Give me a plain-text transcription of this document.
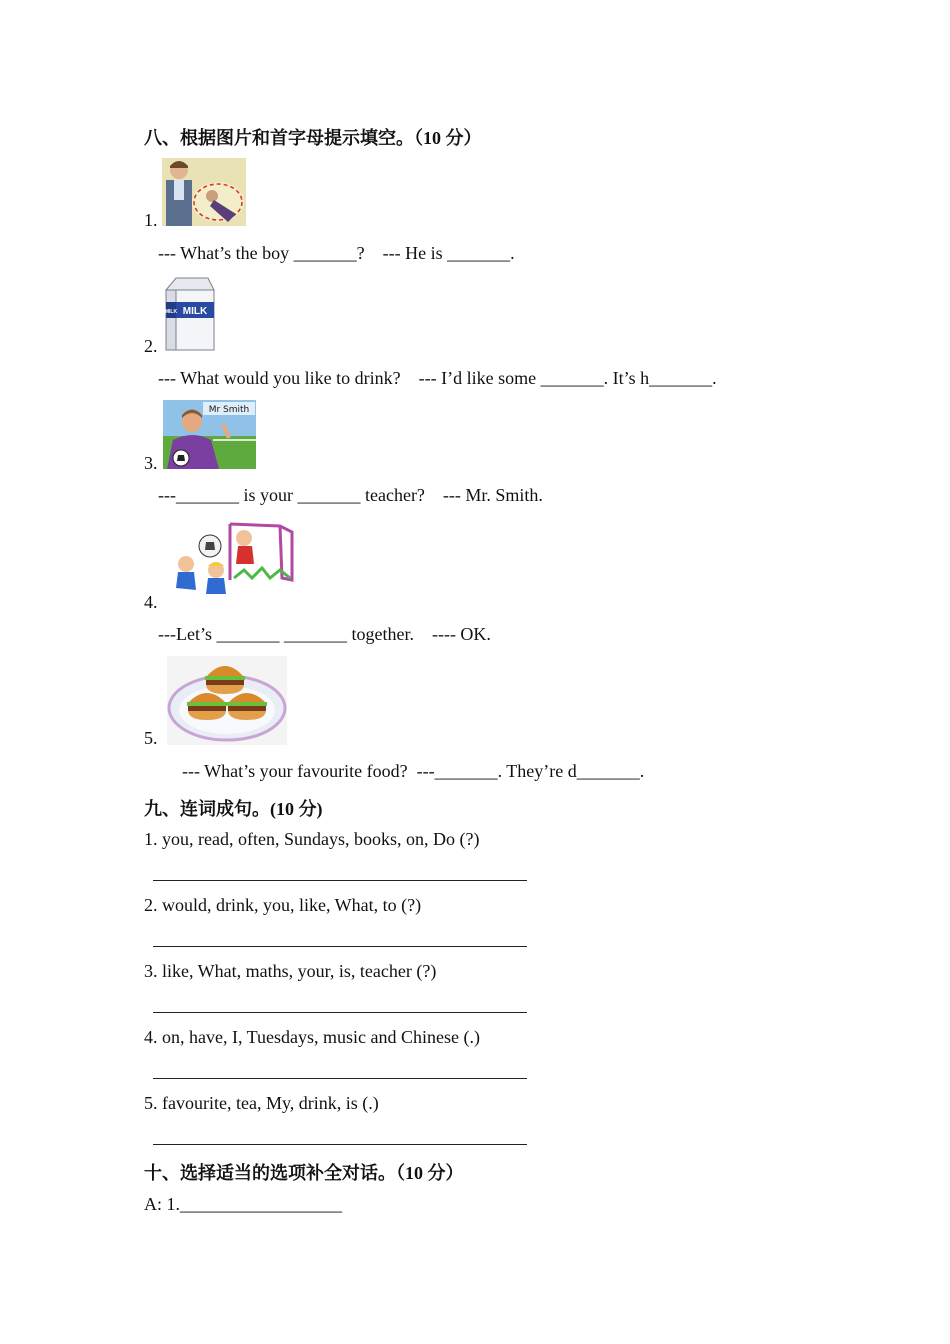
八、根据图片和首字母提示填空。（10 分）
1.
--- What’s the boy _______?    --- He is _______.
MILK
MILK
2.
--- What would you like to drink?    --- I’d like some _______. It’s h_______.
Mr Smith
3.
---_______ is your _______ teacher?    --- Mr. Smith.
4.
---Let’s _______ _______ together.    ---- OK.
5.
--- What’s your favourite food?  ---_______. They’re d_______.
九、连词成句。(10 分)
1. you, read, often, Sundays, books, on, Do (?)
2. would, drink, you, like, What, to (?)
3. like, What, maths, your, is, teacher (?)
4. on, have, I, Tuesdays, music and Chinese (.)
5. favourite, tea, My, drink, is (.)
十、选择适当的选项补全对话。（10 分）
A: 1.__________________
